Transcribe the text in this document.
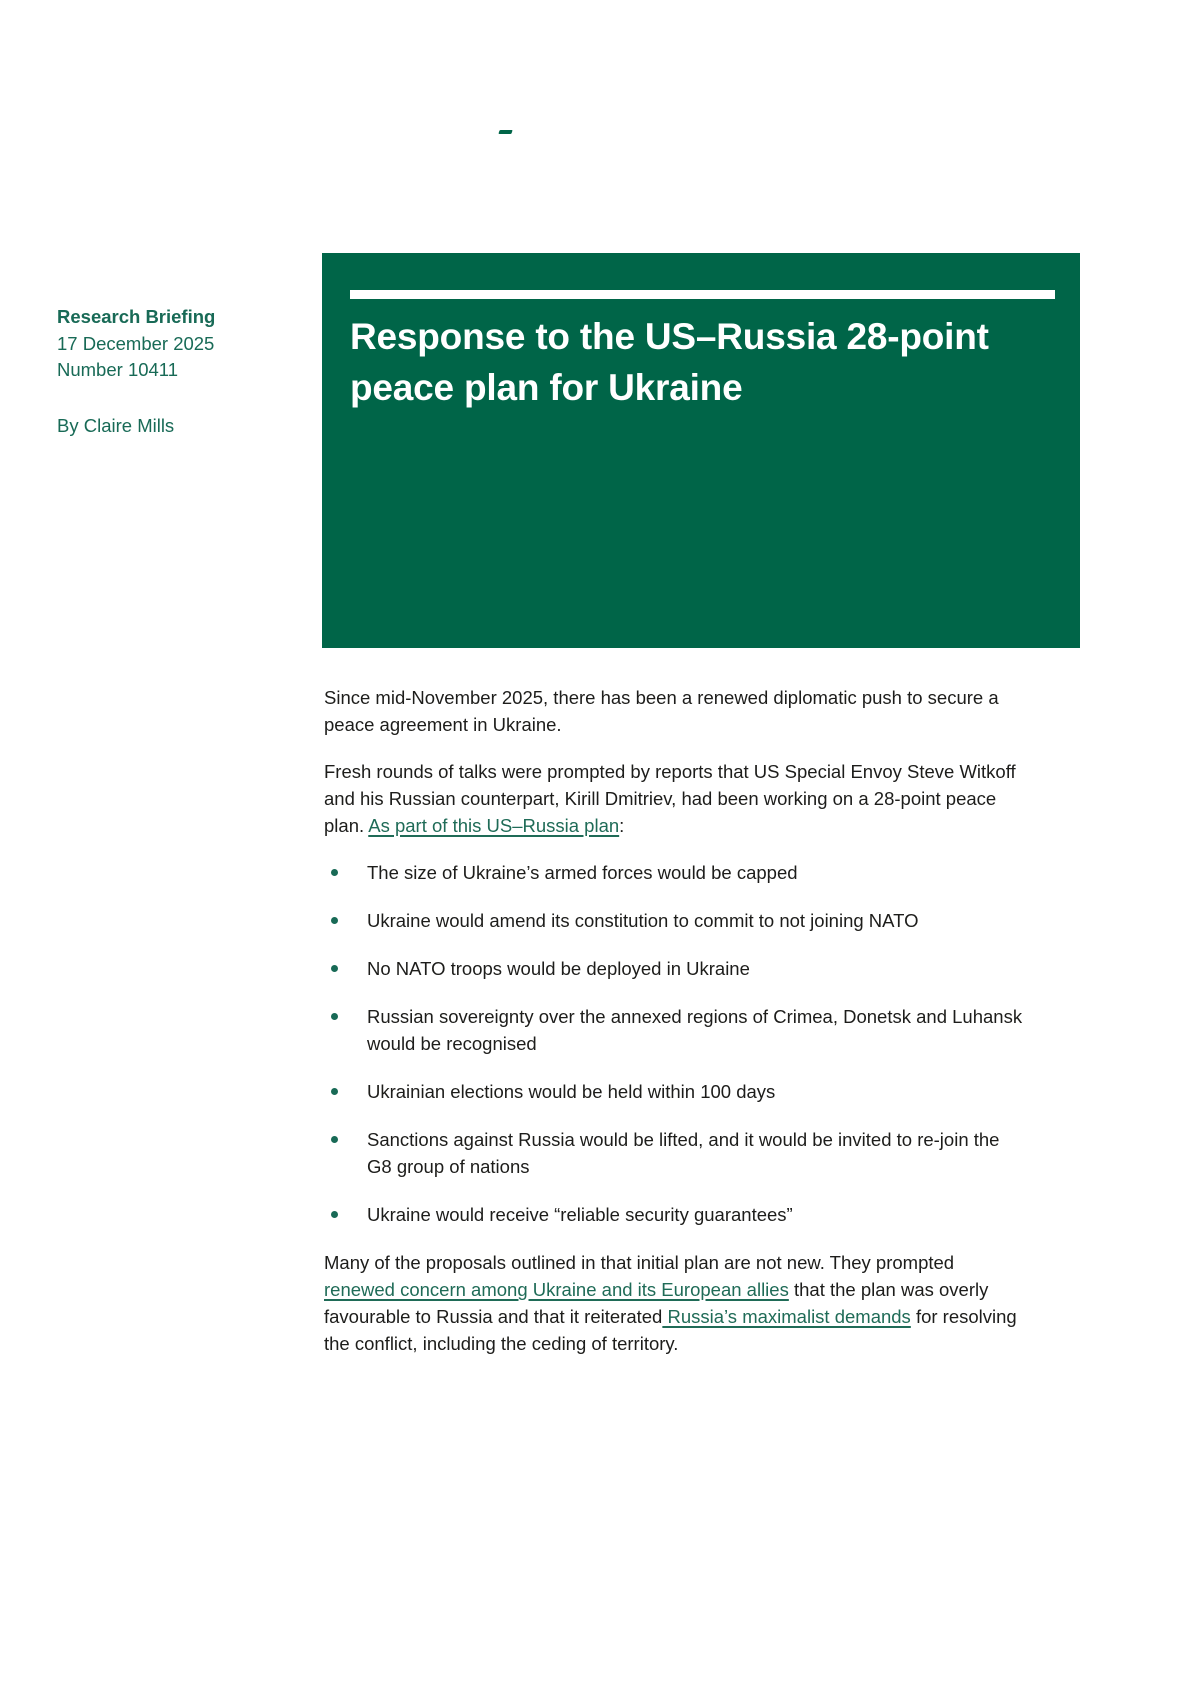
Research Briefing
17 December 2025
Number 10411
By Claire Mills
Response to the US–Russia 28-point peace plan for Ukraine

Since mid-November 2025, there has been a renewed diplomatic push to secure a peace agreement in Ukraine.

Fresh rounds of talks were prompted by reports that US Special Envoy Steve Witkoff and his Russian counterpart, Kirill Dmitriev, had been working on a 28-point peace plan. As part of this US–Russia plan:

The size of Ukraine’s armed forces would be capped
Ukraine would amend its constitution to commit to not joining NATO
No NATO troops would be deployed in Ukraine
Russian sovereignty over the annexed regions of Crimea, Donetsk and Luhansk would be recognised
Ukrainian elections would be held within 100 days
Sanctions against Russia would be lifted, and it would be invited to re-join the G8 group of nations
Ukraine would receive “reliable security guarantees”

Many of the proposals outlined in that initial plan are not new. They prompted renewed concern among Ukraine and its European allies that the plan was overly favourable to Russia and that it reiterated Russia’s maximalist demands for resolving the conflict, including the ceding of territory.
